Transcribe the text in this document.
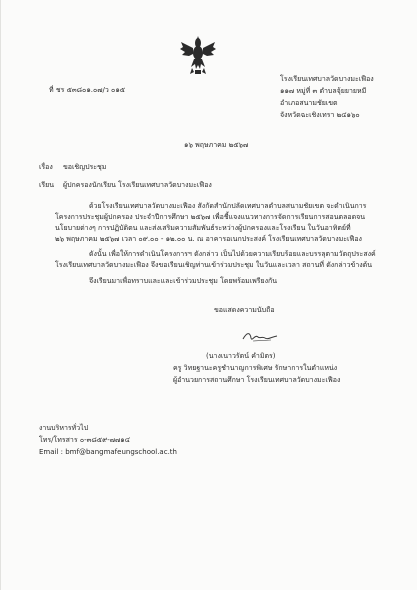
ที่ ชร ๕๓๘๐๑.๐๗/ว ๐๑๕
โรงเรียนเทศบาลวัดบางมะเฟือง
๑๑๗ หมู่ที่ ๓ ตำบลจุ้ยยายหมี
อำเภอสนามชัยเขต
จังหวัดฉะเชิงเทรา ๒๔๑๖๐
๑๖ พฤษภาคม ๒๕๖๗
เรื่อง ขอเชิญประชุม
เรียน ผู้ปกครองนักเรียน โรงเรียนเทศบาลวัดบางมะเฟือง
ด้วยโรงเรียนเทศบาลวัดบางมะเฟือง สังกัดสำนักปลัดเทศบาลตำบลสนามชัยเขต จะดำเนินการ
โครงการประชุมผู้ปกครอง ประจำปีการศึกษา ๒๕๖๗ เพื่อชี้แจงแนวทางการจัดการเรียนการสอนตลอดจน
นโยบายต่างๆ การปฏิบัติตน และส่งเสริมความสัมพันธ์ระหว่างผู้ปกครองและโรงเรียน ในวันอาทิตย์ที่
๒๖ พฤษภาคม ๒๕๖๗ เวลา ๐๙.๐๐ - ๑๒.๐๐ น. ณ อาคารอเนกประสงค์ โรงเรียนเทศบาลวัดบางมะเฟือง
ดังนั้น เพื่อให้การดำเนินโครงการฯ ดังกล่าว เป็นไปด้วยความเรียบร้อยและบรรลุตามวัตถุประสงค์
โรงเรียนเทศบาลวัดบางมะเฟือง จึงขอเรียนเชิญท่านเข้าร่วมประชุม ในวันและเวลา สถานที่ ดังกล่าวข้างต้น
จึงเรียนมาเพื่อทราบและและเข้าร่วมประชุม โดยพร้อมเพรียงกัน
ขอแสดงความนับถือ
(นางเนาวรัตน์ คำมิตร)
ครู วิทยฐานะครูชำนาญการพิเศษ รักษาการในตำแหน่ง
ผู้อำนวยการสถานศึกษา โรงเรียนเทศบาลวัดบางมะเฟือง
งานบริหารทั่วไป
โทร/โทรสาร ๐-๓๘๕๙-๗๗๑๔
Email : bmf@bangmafeungschool.ac.th
